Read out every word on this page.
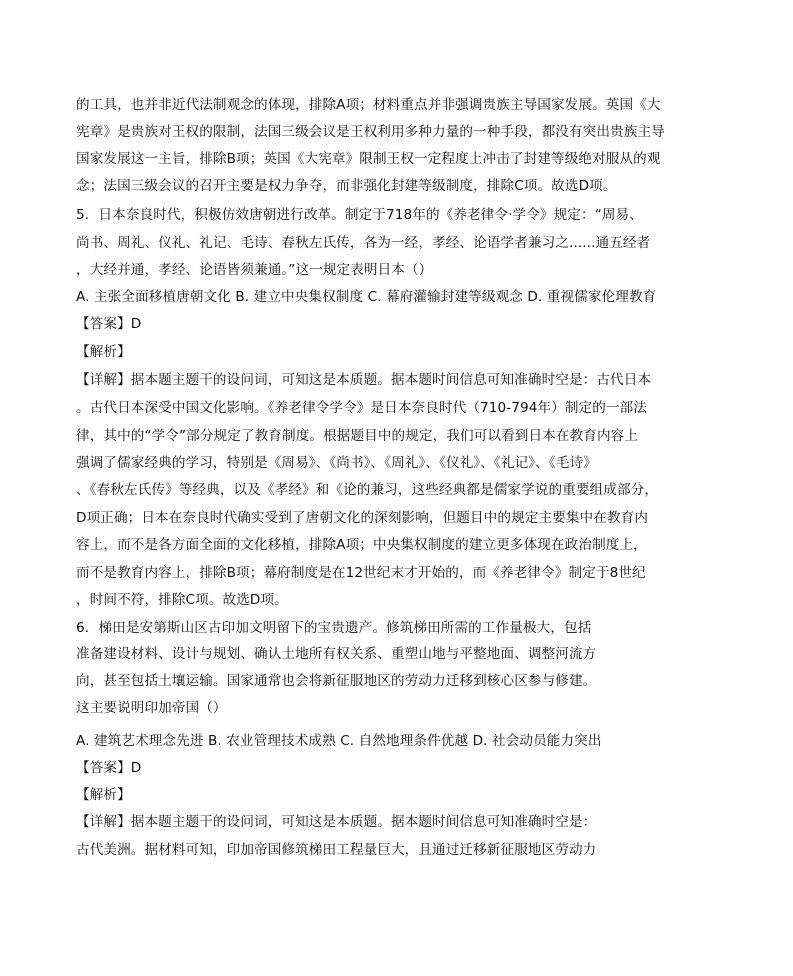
的工具，也并非近代法制观念的体现，排除A项；材料重点并非强调贵族主导国家发展。英国《大
宪章》是贵族对王权的限制，法国三级会议是王权利用多种力量的一种手段，都没有突出贵族主导
国家发展这一主旨，排除B项；英国《大宪章》限制王权一定程度上冲击了封建等级绝对服从的观
念；法国三级会议的召开主要是权力争夺，而非强化封建等级制度，排除C项。故选D项。
5．日本奈良时代，积极仿效唐朝进行改革。制定于718年的《养老律令·学令》规定：“周易、
尚书、周礼、仪礼、礼记、毛诗、春秋左氏传，各为一经，孝经、论语学者兼习之......通五经者
，大经并通，孝经、论语皆须兼通。”这一规定表明日本（）
A. 主张全面移植唐朝文化 B. 建立中央集权制度 C. 幕府灌输封建等级观念 D. 重视儒家伦理教育
【答案】D
【解析】
【详解】据本题主题干的设问词，可知这是本质题。据本题时间信息可知准确时空是：古代日本
。古代日本深受中国文化影响。《养老律令学令》是日本奈良时代（710-794年）制定的一部法
律，其中的“学令”部分规定了教育制度。根据题目中的规定，我们可以看到日本在教育内容上
强调了儒家经典的学习，特别是《周易》、《尚书》、《周礼》、《仪礼》、《礼记》、《毛诗》
、《春秋左氏传》等经典，以及《孝经》和《论的兼习，这些经典都是儒家学说的重要组成部分，
D项正确；日本在奈良时代确实受到了唐朝文化的深刻影响，但题目中的规定主要集中在教育内
容上，而不是各方面全面的文化移植，排除A项；中央集权制度的建立更多体现在政治制度上，
而不是教育内容上，排除B项；幕府制度是在12世纪末才开始的，而《养老律令》制定于8世纪
，时间不符，排除C项。故选D项。
6．梯田是安第斯山区古印加文明留下的宝贵遗产。修筑梯田所需的工作量极大，包括
准备建设材料、设计与规划、确认土地所有权关系、重塑山地与平整地面、调整河流方
向，甚至包括土壤运输。国家通常也会将新征服地区的劳动力迁移到核心区参与修建。
这主要说明印加帝国（）
A. 建筑艺术理念先进 B. 农业管理技术成熟 C. 自然地理条件优越 D. 社会动员能力突出
【答案】D
【解析】
【详解】据本题主题干的设问词，可知这是本质题。据本题时间信息可知准确时空是：
古代美洲。据材料可知，印加帝国修筑梯田工程量巨大，且通过迁移新征服地区劳动力
